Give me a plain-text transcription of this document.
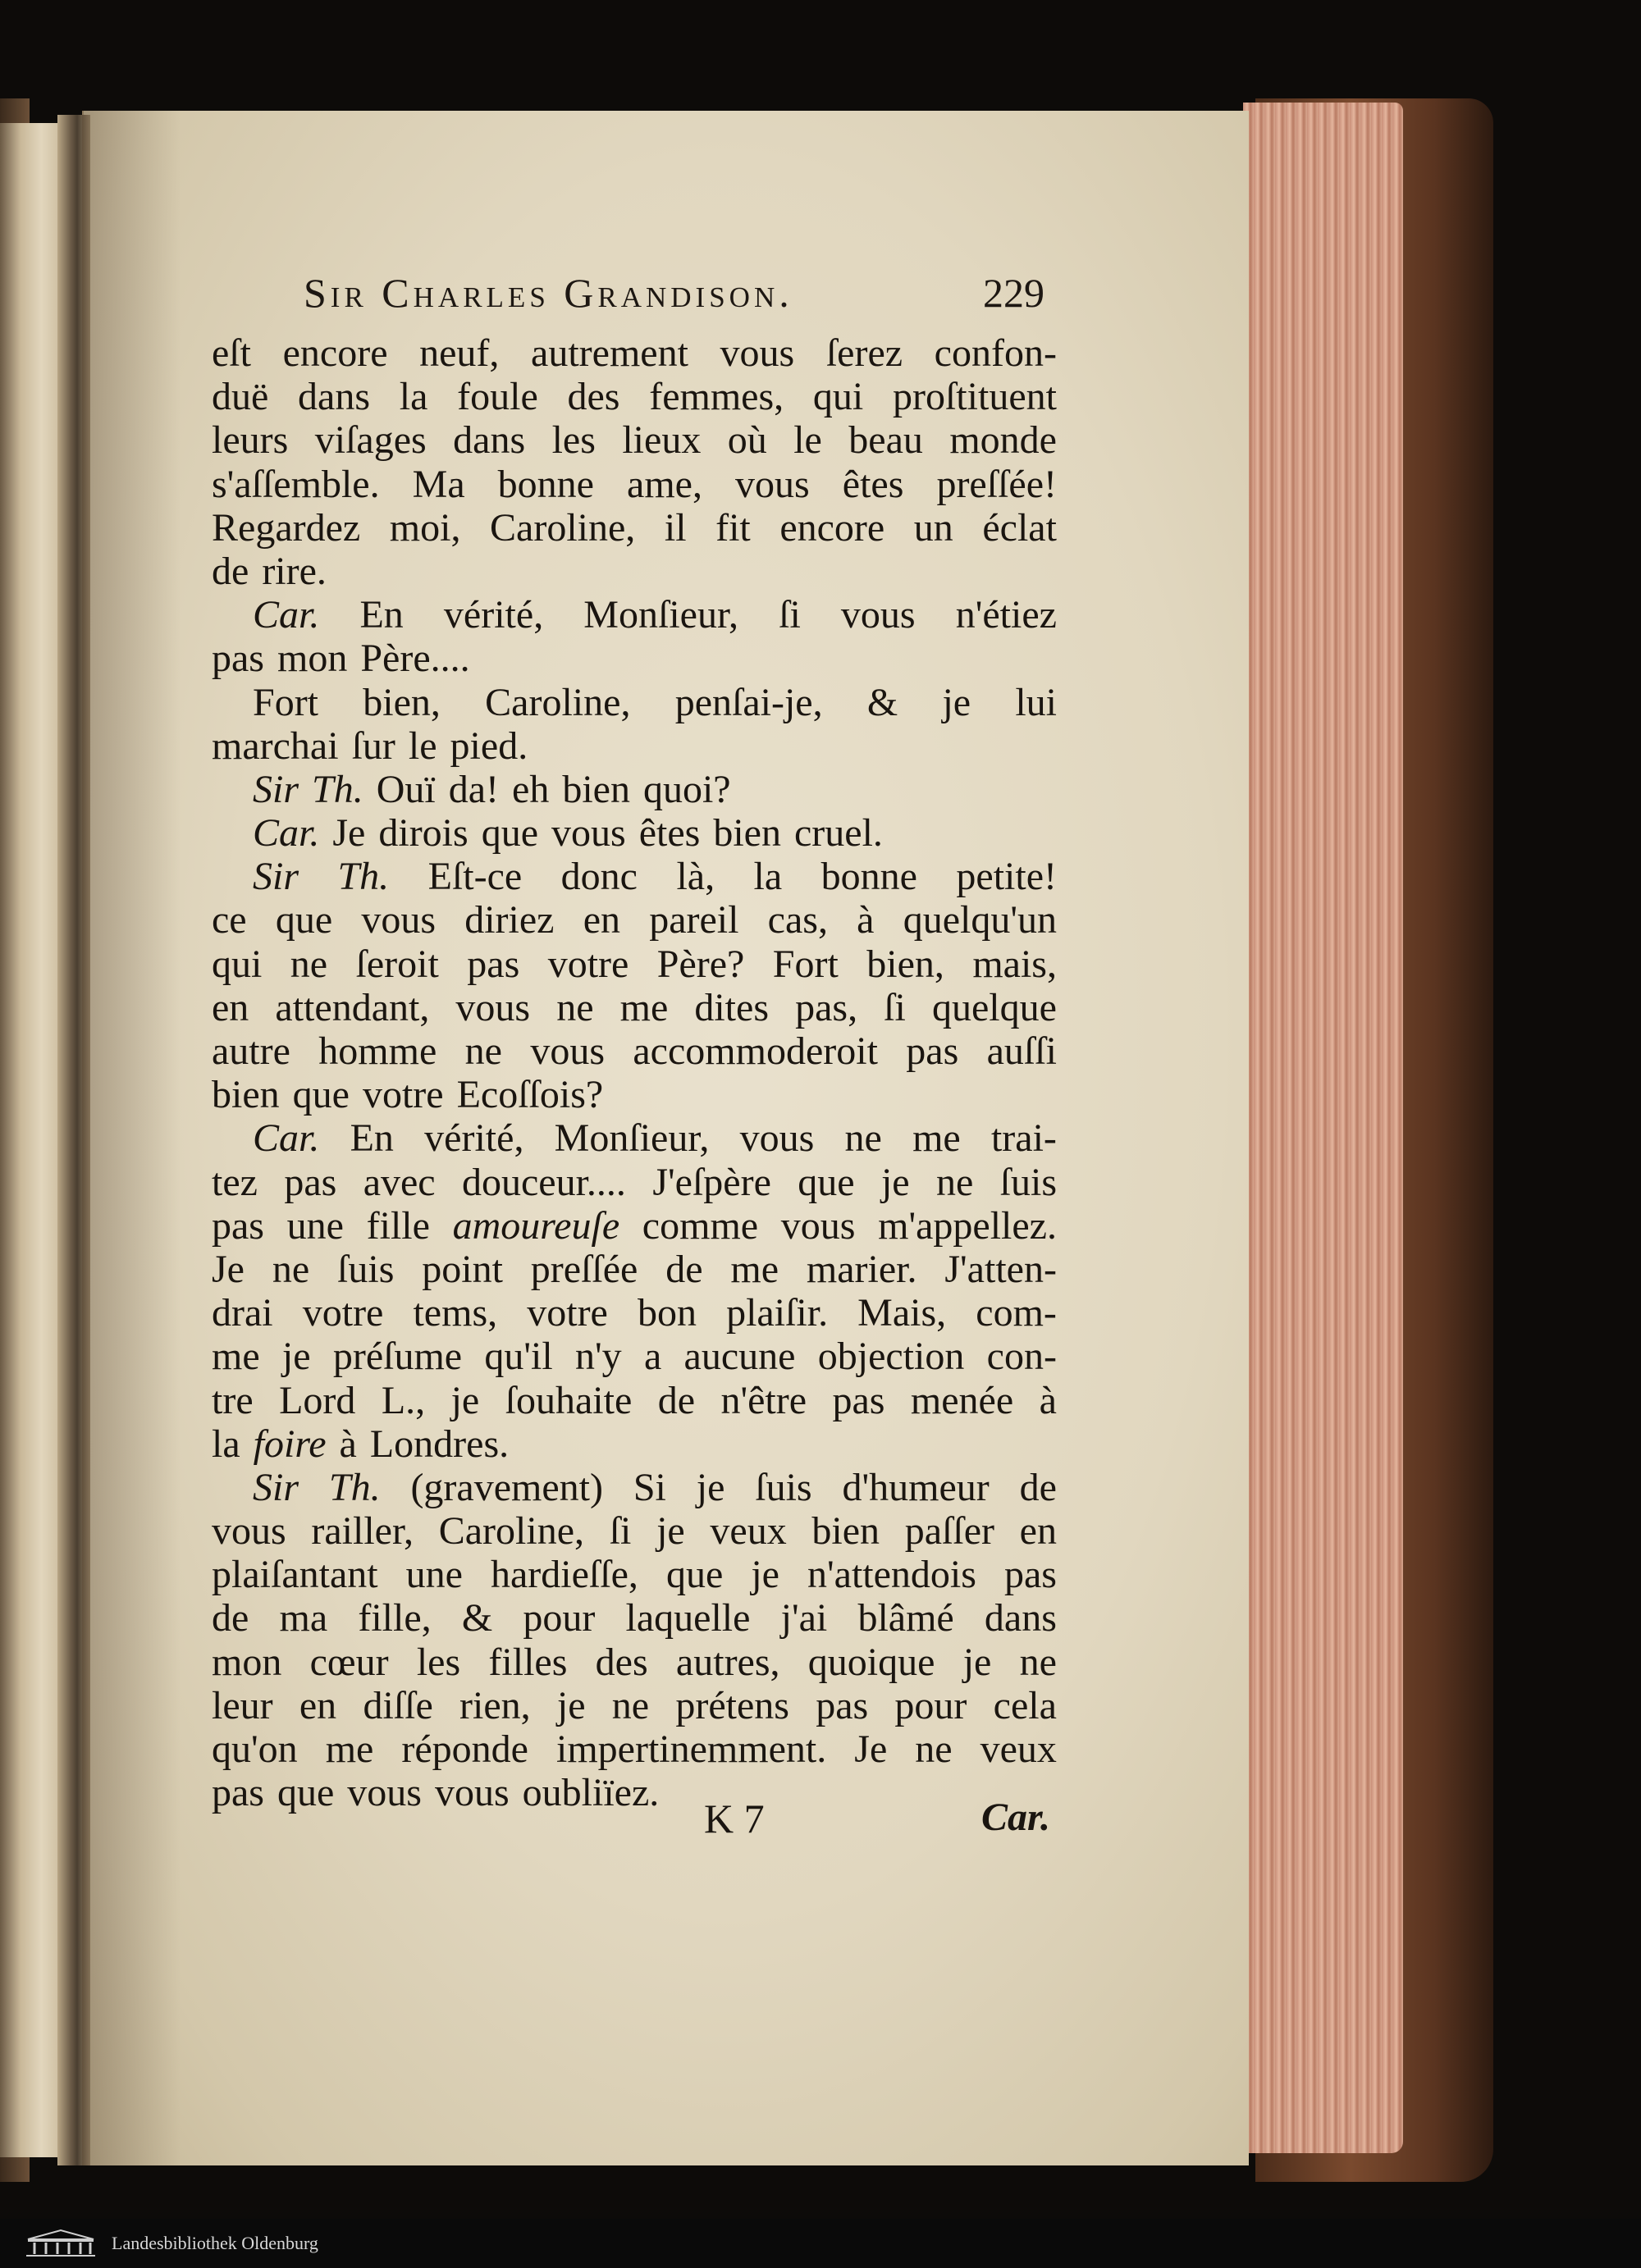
Sir Charles Grandison.	229
eſt encore neuf, autrement vous ſerez confon-
duë dans la foule des femmes, qui proſtituent
leurs viſages dans les lieux où le beau monde
s'aſſemble. Ma bonne ame, vous êtes preſſée!
Regardez moi, Caroline, il fit encore un éclat
de rire.
Car. En vérité, Monſieur, ſi vous n'étiez
pas mon Père....
Fort bien, Caroline, penſai-je, & je lui
marchai ſur le pied.
Sir Th. Ouï da! eh bien quoi?
Car. Je dirois que vous êtes bien cruel.
Sir Th. Eſt-ce donc là, la bonne petite!
ce que vous diriez en pareil cas, à quelqu'un
qui ne ſeroit pas votre Père? Fort bien, mais,
en attendant, vous ne me dites pas, ſi quelque
autre homme ne vous accommoderoit pas auſſi
bien que votre Ecoſſois?
Car. En vérité, Monſieur, vous ne me trai-
tez pas avec douceur.... J'eſpère que je ne ſuis
pas une fille amoureuſe comme vous m'appellez.
Je ne ſuis point preſſée de me marier. J'atten-
drai votre tems, votre bon plaiſir. Mais, com-
me je préſume qu'il n'y a aucune objection con-
tre Lord L., je ſouhaite de n'être pas menée à
la foire à Londres.
Sir Th. (gravement) Si je ſuis d'humeur de
vous railler, Caroline, ſi je veux bien paſſer en
plaiſantant une hardieſſe, que je n'attendois pas
de ma fille, & pour laquelle j'ai blâmé dans
mon cœur les filles des autres, quoique je ne
leur en diſſe rien, je ne prétens pas pour cela
qu'on me réponde impertinemment. Je ne veux
pas que vous vous oubliïez.
K 7	Car.
Landesbibliothek Oldenburg
